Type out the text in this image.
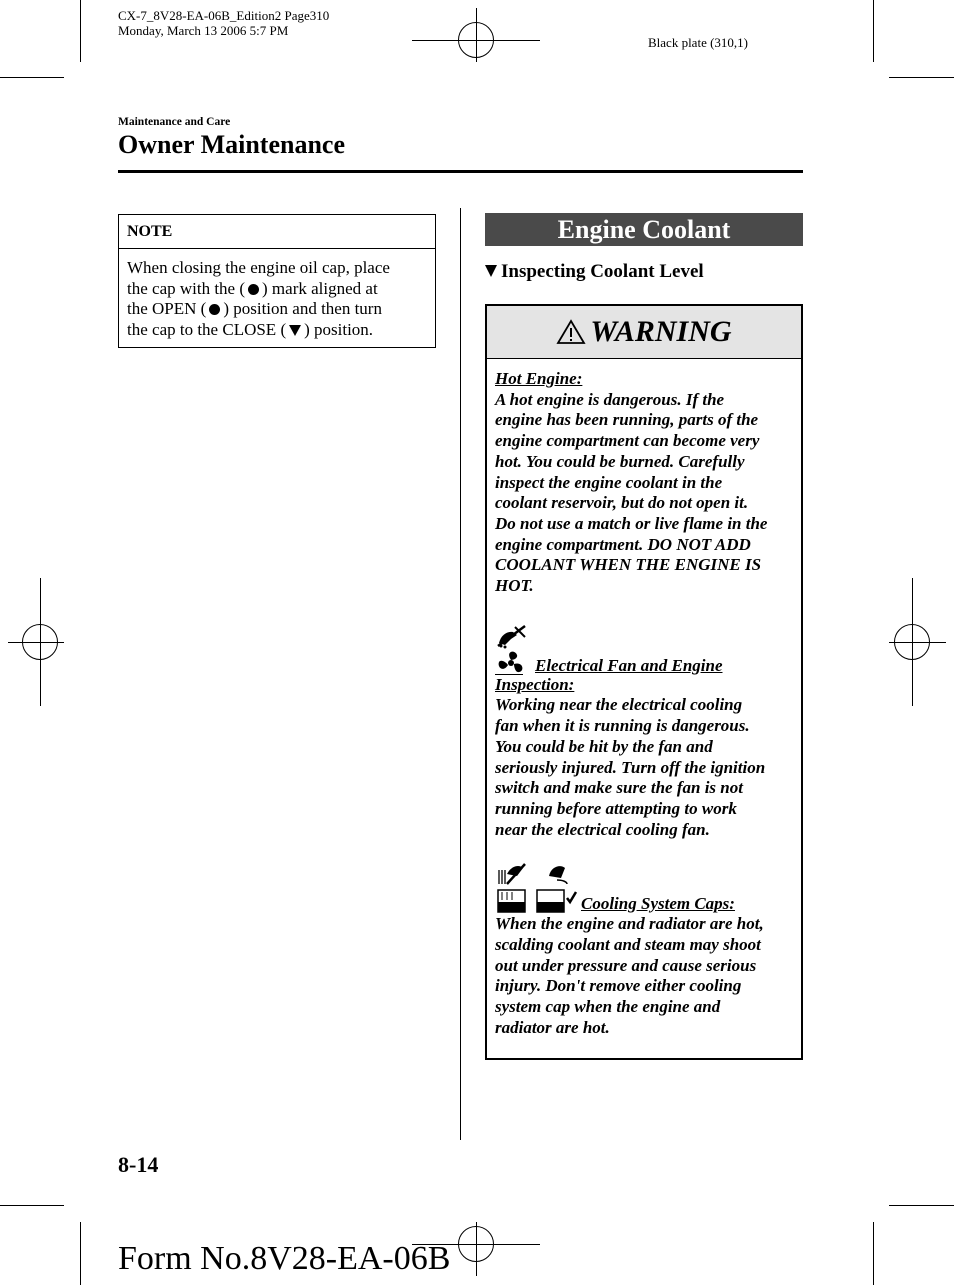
CX-7_8V28-EA-06B_Edition2 Page310
Monday, March 13 2006 5:7 PM
Black plate (310,1)
Maintenance and Care
Owner Maintenance
NOTE
When closing the engine oil cap, place
the cap with the ( ) mark aligned at
the OPEN ( ) position and then turn
the cap to the CLOSE ( ) position.
Engine Coolant
Inspecting Coolant Level
WARNING
Hot Engine:
A hot engine is dangerous. If the
engine has been running, parts of the
engine compartment can become very
hot. You could be burned. Carefully
inspect the engine coolant in the
coolant reservoir, but do not open it.
Do not use a match or live flame in the
engine compartment. DO NOT ADD
COOLANT WHEN THE ENGINE IS
HOT.
Electrical Fan and Engine
Inspection:
Working near the electrical cooling
fan when it is running is dangerous.
You could be hit by the fan and
seriously injured. Turn off the ignition
switch and make sure the fan is not
running before attempting to work
near the electrical cooling fan.
Cooling System Caps:
When the engine and radiator are hot,
scalding coolant and steam may shoot
out under pressure and cause serious
injury. Don't remove either cooling
system cap when the engine and
radiator are hot.
8-14
Form No.8V28-EA-06B
